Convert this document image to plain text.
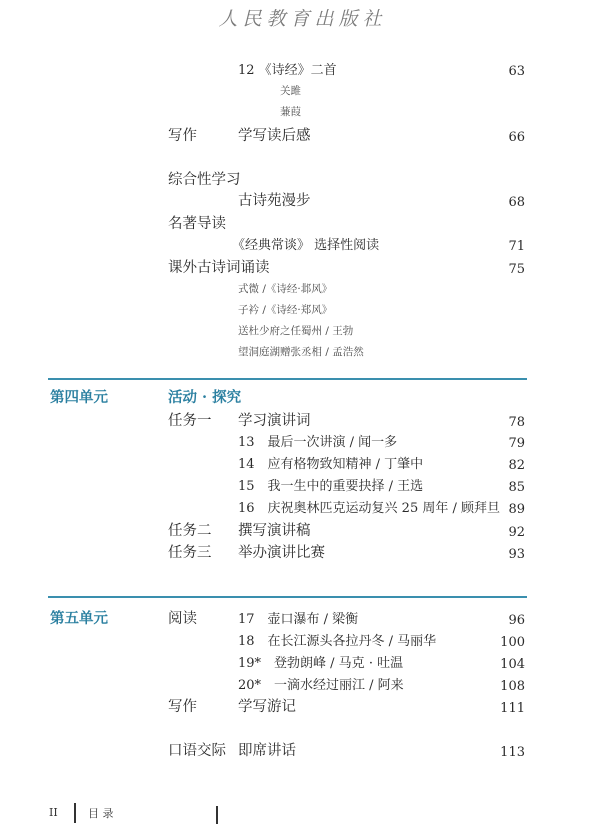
人民教育出版社
12 《诗经》二首	63
关雎
蒹葭
写作	学写读后感	66
综合性学习
古诗苑漫步	68
名著导读
《经典常谈》 选择性阅读	71
课外古诗词诵读	75
式微 /《诗经·邶风》
子衿 /《诗经·郑风》
送杜少府之任蜀州 / 王勃
望洞庭湖赠张丞相 / 孟浩然
第四单元	活动 · 探究
任务一 学习演讲词	78
13　最后一次讲演 / 闻一多	79
14　应有格物致知精神 / 丁肇中	82
15　我一生中的重要抉择 / 王选	85
16　庆祝奥林匹克运动复兴 25 周年 / 顾拜旦 89
任务二 撰写演讲稿	92
任务三 举办演讲比赛	93
第五单元	阅读	17　壶口瀑布 / 梁衡	96
18　在长江源头各拉丹冬 / 马丽华	100
19*　登勃朗峰 / 马克 · 吐温	104
20*　一滴水经过丽江 / 阿来	108
写作	学写游记	111
口语交际 即席讲话	113
II	目 录
